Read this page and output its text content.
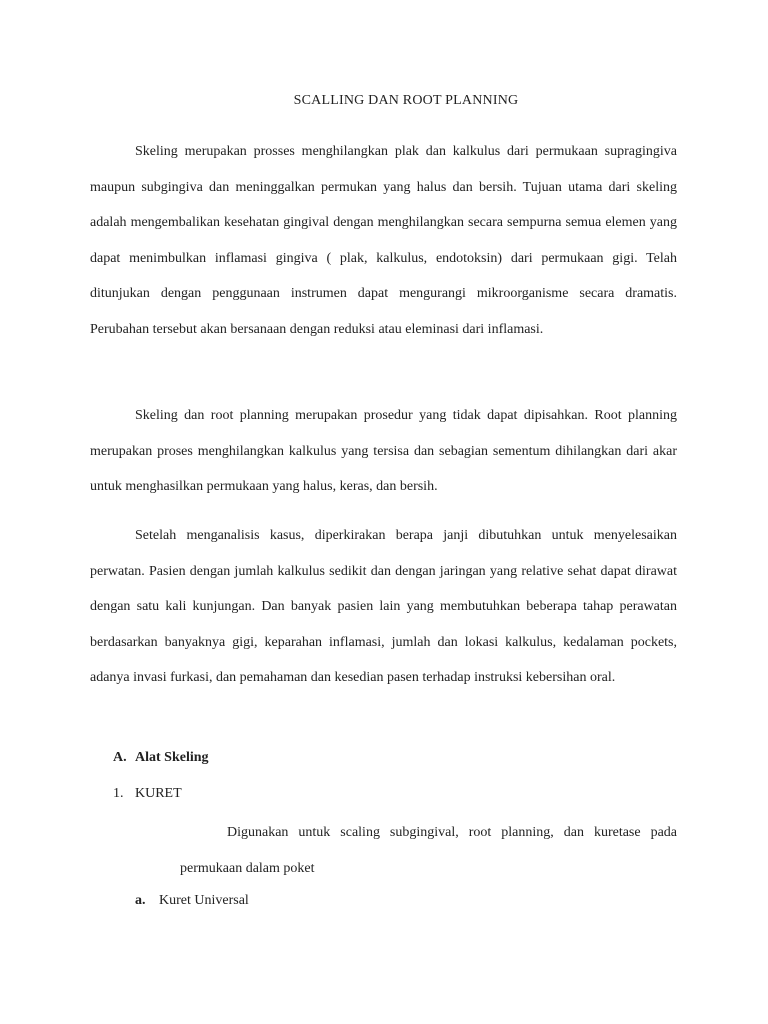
SCALLING DAN ROOT PLANNING

Skeling merupakan prosses menghilangkan plak dan kalkulus dari permukaan supragingiva maupun subgingiva dan meninggalkan permukan yang halus dan bersih. Tujuan utama dari skeling adalah mengembalikan kesehatan gingival dengan menghilangkan secara sempurna semua elemen yang dapat menimbulkan inflamasi gingiva ( plak, kalkulus, endotoksin) dari permukaan gigi. Telah ditunjukan dengan penggunaan instrumen dapat mengurangi mikroorganisme secara dramatis. Perubahan tersebut akan bersanaan dengan reduksi atau eleminasi dari inflamasi.

Skeling dan root planning merupakan prosedur yang tidak dapat dipisahkan. Root planning merupakan proses menghilangkan kalkulus yang tersisa dan sebagian sementum dihilangkan dari akar untuk menghasilkan permukaan yang halus, keras, dan bersih.

Setelah menganalisis kasus, diperkirakan berapa janji dibutuhkan untuk menyelesaikan perwatan. Pasien dengan jumlah kalkulus sedikit dan dengan jaringan yang relative sehat dapat dirawat dengan satu kali kunjungan. Dan banyak pasien lain yang membutuhkan beberapa tahap perawatan berdasarkan banyaknya gigi, keparahan inflamasi, jumlah dan lokasi kalkulus, kedalaman pockets, adanya invasi furkasi, dan pemahaman dan kesedian pasen terhadap instruksi kebersihan oral.

A. Alat Skeling
1. KURET

Digunakan untuk scaling subgingival, root planning, dan kuretase pada permukaan dalam poket

a. Kuret Universal
